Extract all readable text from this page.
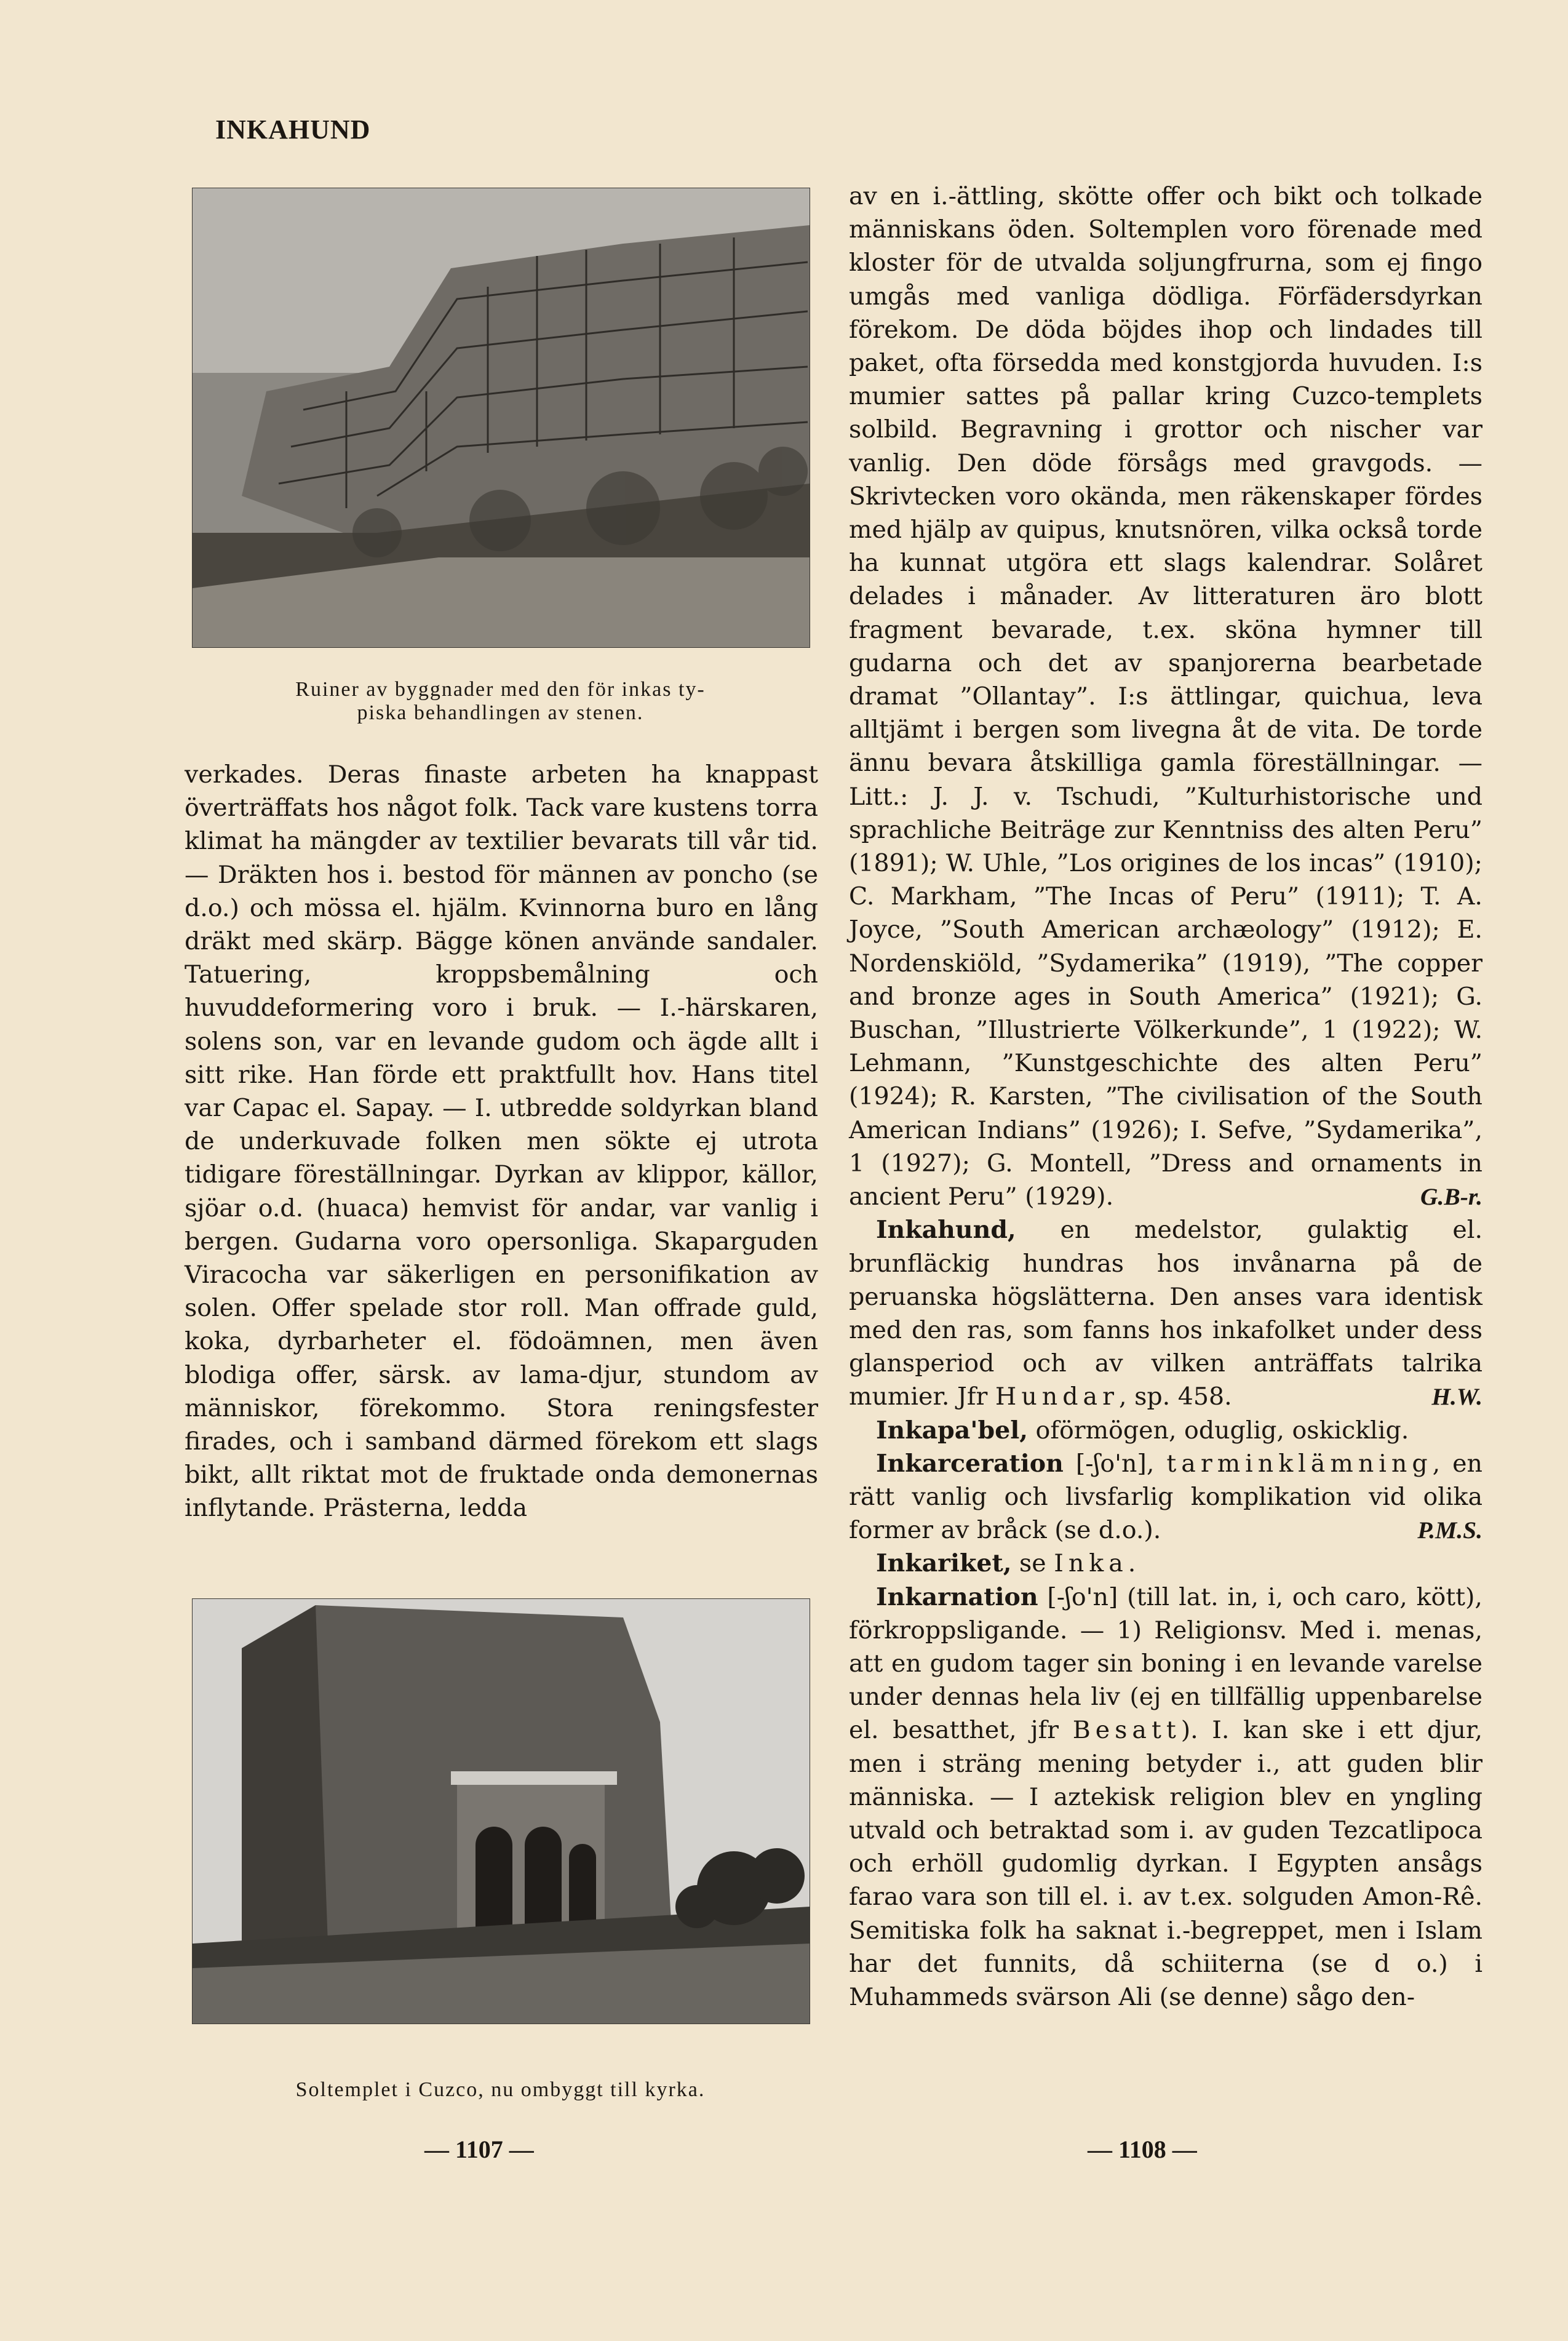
INKAHUND
Ruiner av byggnader med den för inkas ty-
piska behandlingen av stenen.

verkades. Deras finaste arbeten ha knappast överträffats hos något folk. Tack vare kustens torra klimat ha mängder av textilier bevarats till vår tid. — Dräkten hos i. bestod för männen av poncho (se d.o.) och mössa el. hjälm. Kvinnorna buro en lång dräkt med skärp. Bägge könen använde sandaler. Tatuering, kroppsbemålning och huvuddeformering voro i bruk. — I.-härskaren, solens son, var en levande gudom och ägde allt i sitt rike. Han förde ett praktfullt hov. Hans titel var Capac el. Sapay. — I. utbredde soldyrkan bland de underkuvade folken men sökte ej utrota tidigare föreställningar. Dyrkan av klippor, källor, sjöar o.d. (huaca) hemvist för andar, var vanlig i bergen. Gudarna voro opersonliga. Skaparguden Viracocha var säkerligen en personifikation av solen. Offer spelade stor roll. Man offrade guld, koka, dyrbarheter el. födoämnen, men även blodiga offer, särsk. av lama-djur, stundom av människor, förekommo. Stora reningsfester firades, och i samband därmed förekom ett slags bikt, allt riktat mot de fruktade onda demonernas inflytande. Prästerna, ledda

Soltemplet i Cuzco, nu ombyggt till kyrka.

av en i.-ättling, skötte offer och bikt och tolkade människans öden. Soltemplen voro förenade med kloster för de utvalda soljungfrurna, som ej fingo umgås med vanliga dödliga. Förfädersdyrkan förekom. De döda böjdes ihop och lindades till paket, ofta försedda med konstgjorda huvuden. I:s mumier sattes på pallar kring Cuzco-templets solbild. Begravning i grottor och nischer var vanlig. Den döde försågs med gravgods. — Skrivtecken voro okända, men räkenskaper fördes med hjälp av quipus, knutsnören, vilka också torde ha kunnat utgöra ett slags kalendrar. Solåret delades i månader. Av litteraturen äro blott fragment bevarade, t.ex. sköna hymner till gudarna och det av spanjorerna bearbetade dramat ”Ollantay”. I:s ättlingar, quichua, leva alltjämt i bergen som livegna åt de vita. De torde ännu bevara åtskilliga gamla föreställningar. — Litt.: J. J. v. Tschudi, ”Kulturhistorische und sprachliche Beiträge zur Kenntniss des alten Peru” (1891); W. Uhle, ”Los origines de los incas” (1910); C. Markham, ”The Incas of Peru” (1911); T. A. Joyce, ”South American archæology” (1912); E. Nordenskiöld, ”Sydamerika” (1919), ”The copper and bronze ages in South America” (1921); G. Buschan, ”Illustrierte Völkerkunde”, 1 (1922); W. Lehmann, ”Kunstgeschichte des alten Peru” (1924); R. Karsten, ”The civilisation of the South American Indians” (1926); I. Sefve, ”Sydamerika”, 1 (1927); G. Montell, ”Dress and ornaments in ancient Peru” (1929).	G.B-r.

Inkahund, en medelstor, gulaktig el. brunfläckig hundras hos invånarna på de peruanska högslätterna. Den anses vara identisk med den ras, som fanns hos inkafolket under dess glansperiod och av vilken anträffats talrika mumier. Jfr Hundar, sp. 458.	H.W.

Inkapa'bel, oförmögen, oduglig, oskicklig.

Inkarceration [-ʃo'n], tarminklämning, en rätt vanlig och livsfarlig komplikation vid olika former av bråck (se d.o.).	P.M.S.

Inkariket, se Inka.

Inkarnation [-ʃo'n] (till lat. in, i, och caro, kött), förkroppsligande. — 1) Religionsv. Med i. menas, att en gudom tager sin boning i en levande varelse under dennas hela liv (ej en tillfällig uppenbarelse el. besatthet, jfr Besatt). I. kan ske i ett djur, men i sträng mening betyder i., att guden blir människa. — I aztekisk religion blev en yngling utvald och betraktad som i. av guden Tezcatlipoca och erhöll gudomlig dyrkan. I Egypten ansågs farao vara son till el. i. av t.ex. solguden Amon-Rê. Semitiska folk ha saknat i.-begreppet, men i Islam har det funnits, då schiiterna (se d o.) i Muhammeds svärson Ali (se denne) sågo den-

— 1107 —	— 1108 —
